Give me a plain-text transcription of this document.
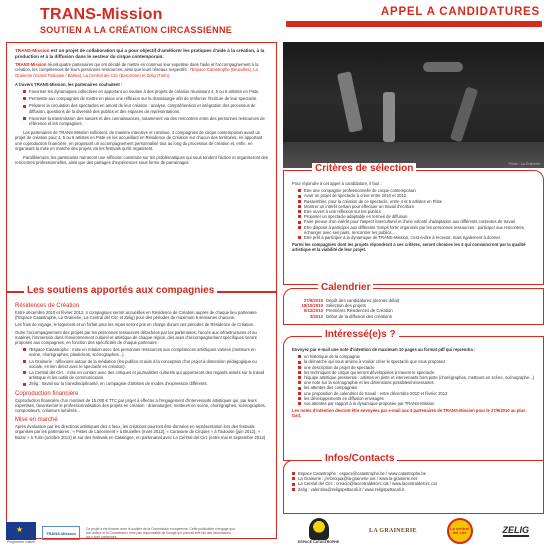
TRANS-Mission
SOUTIEN A LA CRÉATION CIRCASSIENNE
APPEL A CANDIDATURES
TRANS-Mission est un projet de collaboration qui a pour objectif d'améliorer les pratiques d'aide à la création, à la production et à la diffusion dans le secteur du cirque contemporain.
TRANS-Mission réunit quatre partenaires qui ont décidé de mettre en commun leur expertise dans l'aide et l'accompagnement à la création, les compétences de leurs personnes ressources, ainsi que leurs réseaux respectifs : l'Espace Catastrophe (Bruxelles), La Grainerie (Grand Toulouse / Balma), La Central del Circ (Barcelone) et Zelig (Turin).
A travers TRANS-Mission, les partenaires souhaitent :
Favoriser les dynamiques collectives en apportant un soutien à des projets de création réunissant 4, 5 ou 6 artistes en Piste.
Permettre aux compagnies de mettre en place une réflexion sur la dramaturgie afin de renforcer l'écriture de leur spectacle.
Préparer la circulation des spectacles en amont de leur création : analyse, compréhension et intégration des processus de diffusion, questions de la diversité des publics et des espaces de représentations.
Favoriser la transmission des savoirs et des connaissances, notamment via des rencontres entre des personnes ressources de référence et les compagnies.
Les partenaires de TRANS-Mission sollicitent, de manière intensive et continue, 4 compagnies de cirque contemporain avant un projet de création pour 4, 5 ou 6 artistes en Piste en les accueillant en Résidence de Création sur chacun des territoires, en apportant une coproduction financière, en proposant un accompagnement personnalisé tout au long du processus de création et, enfin, en organisant la mise en marché des projets via les festivals qu'ils organisent.
Parallèlement, les partenaires mèneront une réflexion construite sur les problématiques qui sous tendent l'action et organiseront des rencontres professionnelles, ainsi que des partages d'expériences sous forme de parrainages.	Photo : La Grainerie
Pour répondre à cet appel à candidature, il faut :
Etre une compagnie professionnelle de cirque contemporain
Avoir un projet de spectacle à créer entre 2010 et 2012
Rassembler, pour la création de ce spectacle, entre 4 et 6 artistes en Piste
Montrer un intérêt certain pour effectuer un travail d'écriture
Etre ouvert à une réflexion sur les publics
Proposer un spectacle adaptable en termes de diffusion
Faire preuve d'un intérêt pour l'aspect interculturel et d'une volonté d'adaptation aux différents contextes de travail
Etre disposé à participer aux différents 'temps forts' organisés par les personnes ressources : participer aux rencontres, échanger avec ses pairs, rencontrer les publics...
Etre prêt à participer à la dynamique de TRANS-Mission, c'est-à-dire à recevoir, mais également à donner.
Parmi les compagnies dont les projets répondront à ces critères, seront choisies les 4 qui convaincront par la qualité artistique et la viabilité de leur projet.
Critères de sélection
Résidences de Création
Entre décembre 2010 et février 2012, 4 compagnies seront accueillies en Résidence de Création auprès de chaque lieu partenaire (l'Espace Catastrophe, La Grainerie, La Central del Circ et Zelig) pour des périodes de maximum 5 semaines chacune.
Les frais de voyage, le logement et un forfait pour les repas seront pris en charge durant ces périodes de Résidence de Création.
Outre l'accompagnement des projets par les personnes ressources détachées par les partenaires, l'accès aux infrastructures et au matériel, l'immersion dans l'environnement culturel et artistique de chaque région, des axes d'accompagnement spécifiques seront proposés aux compagnies, en fonction des spécificités de chaque partenaire :
l'Espace Catastrophe : mise en relation avec des personnes ressources aux compétences artistiques variées (metteurs en scène, chorégraphes, plasticiens, scénographes...).
La Grainerie : réflexions autour de la médiation (les publics et aide à la conception d'un projet à dimension pédagogique ou sociale, en lien direct avec le spectacle en création).
La Central del Circ : mise en contact avec des critiques et journalistes culturels qui apporteront des regards avisés sur le travail artistique et les outils de communication.
Zelig : travail sur la transdisciplinarité, en compagnie d'artistes de modes d'expression différents.
Coproduction financière
Coproduction financière d'un montant de 15.000 € TTC par projet à effecter à l'engagement d'intervenants artistiques qui, par leurs expertises, favoriseront le professionnalisation des projets en création : dramaturges, metteurs en scène, chorégraphes, scénographes, compositeurs, créateurs lumières...
Mise en marché
Après évaluation par les directions artistiques des 4 lieux, les créations pourront être données en représentation lors des festivals organisés par les partenaires : « Pistes de Lancement » à Bruxelles (mars 2012), « Caravane de Cirques » à Toulouse (juin 2012), « Bazar » à Turin (octobre 2012) et sur des festivals en Catalogne, en partenariat avec La Central del Circ (entre mai et septembre 2012).
Les soutiens apportés aux compagnies
27/9/2010 Dépôt des candidatures (dernier délai)
18/10/2010 Sélection des projets
5/12/2010 Premières Résidences de Création
3/2012 Début de la diffusion des créations
Calendrier
Envoyez par e-mail une note d'intention de maximum 10 pages au format pdf qui reprendra :
un historique de la compagnie
la démarche qui vous amène à vouloir créer le spectacle que vous proposez
une description du projet de spectacle
les techniques de cirque qui seront développées à travers le spectacle
l'équipe artistique pressentie : artistes en piste et intervenants hors piste (chorégraphes, metteurs en scène, scénographe...)
une note sur la scénographie et les dimensions possibles/nécessaires
les attentes des compagnies
une proposition de calendrier de travail : entre décembre 2010 et février 2012
les développements en diffusion envisagés
vos attentes par rapport à la dynamique proposée par TRANS-Mission
Les notes d'intention devront être envoyées par e-mail aux 4 partenaires de TRANS-Mission pour le 27/9/2010 au plus tard.
Intéressé(e)s ?
Espace Catastrophe : espace@catastrophe.be / www.catastrophe.be
La Grainerie : jm-broqua@la-grainerie.net / www.la-grainerie.net
La Central del Circ : creacio@lacentraldelcirc.cat / www.lacentraldelcirc.cat
Zelig : valentina@zeligspettacoli.it / www.zeligspettacoli.it
Infos/Contacts
★
Programme culture
TRANS-Mission
Ce projet a été financé avec le soutien de la Commission européenne. Cette publication n'engage que son auteur et la Commission n'est pas responsable de l'usage qui pourrait être fait des informations qui y sont contenues.
ESPACE CATASTROPHE
LA GRAINERIE	La central del circ	ZELIG
